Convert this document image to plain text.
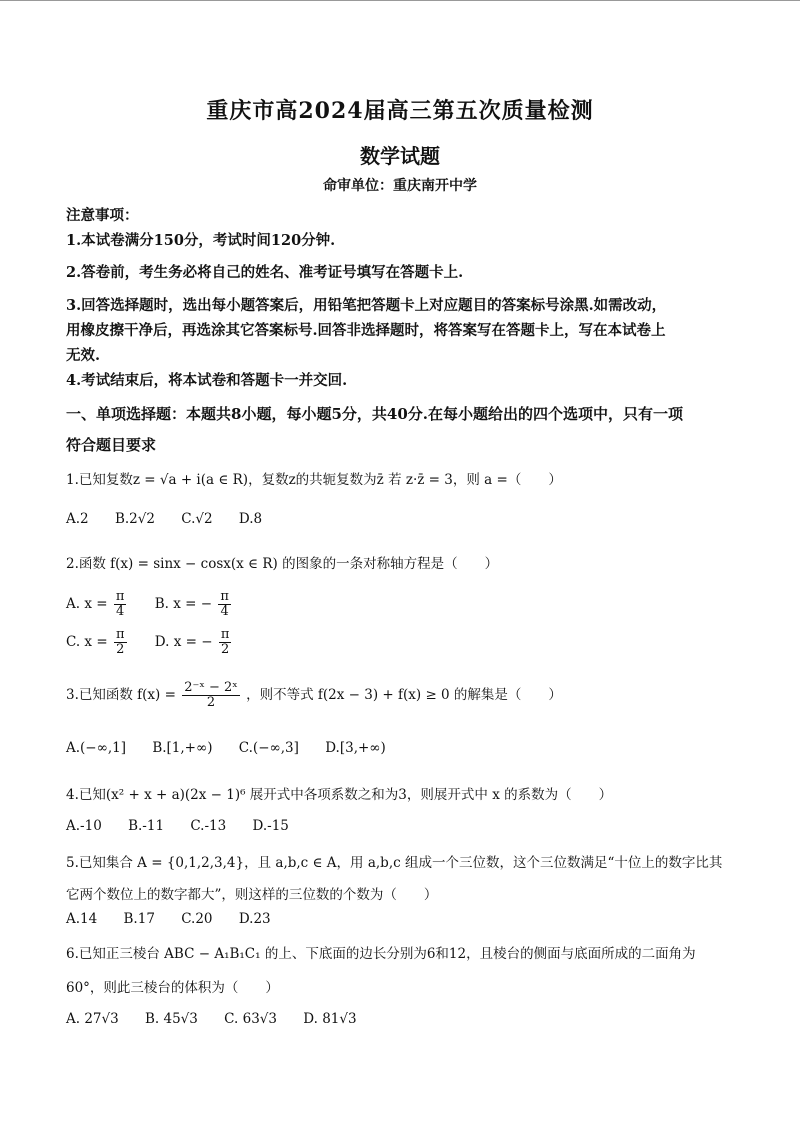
重庆市高2024届高三第五次质量检测
数学试题
命审单位：重庆南开中学
注意事项：
1.本试卷满分150分，考试时间120分钟.
2.答卷前，考生务必将自己的姓名、准考证号填写在答题卡上.
3.回答选择题时，选出每小题答案后，用铅笔把答题卡上对应题目的答案标号涂黑.如需改动，
用橡皮擦干净后，再选涂其它答案标号.回答非选择题时，将答案写在答题卡上，写在本试卷上
无效.
4.考试结束后，将本试卷和答题卡一并交回.
一、单项选择题：本题共8小题，每小题5分，共40分.在每小题给出的四个选项中，只有一项
符合题目要求
1.已知复数z = √a + i(a ∈ R)，复数z的共轭复数为z̄ 若 z·z̄ = 3，则 a =（　　）
A.2 B.2√2 C.√2 D.8
2.函数 f(x) = sinx − cosx(x ∈ R) 的图象的一条对称轴方程是（　　）
A. $x = \frac{\pi}{4} B$. x = − $\frac{\pi}{4}$
C. $x = \frac{\pi}{2} D$. x = − $\frac{\pi}{2}$
3.已知函数 $f(x) = \frac{\text{2⁻ˣ − 2ˣ}}{2}$ ，则不等式 f(2x − 3) + f(x) ≥ 0 的解集是（　　）
A.(−∞,1] B.[1,+∞) C.(−∞,3] D.[3,+∞)
4.已知(x² + x + a)(2x − 1)⁶ 展开式中各项系数之和为3，则展开式中 x 的系数为（　　）
A.-10 B.-11 C.-13 D.-15
5.已知集合 A = {0,1,2,3,4}，且 a,b,c ∈ A，用 a,b,c 组成一个三位数，这个三位数满足“十位上的数字比其
它两个数位上的数字都大”，则这样的三位数的个数为（　　）
A.14 B.17 C.20 D.23
6.已知正三棱台 ABC − A₁B₁C₁ 的上、下底面的边长分别为6和12，且棱台的侧面与底面所成的二面角为
60°，则此三棱台的体积为（　　）
A. 27√3 B. 45√3 C. 63√3 D. 81√3
